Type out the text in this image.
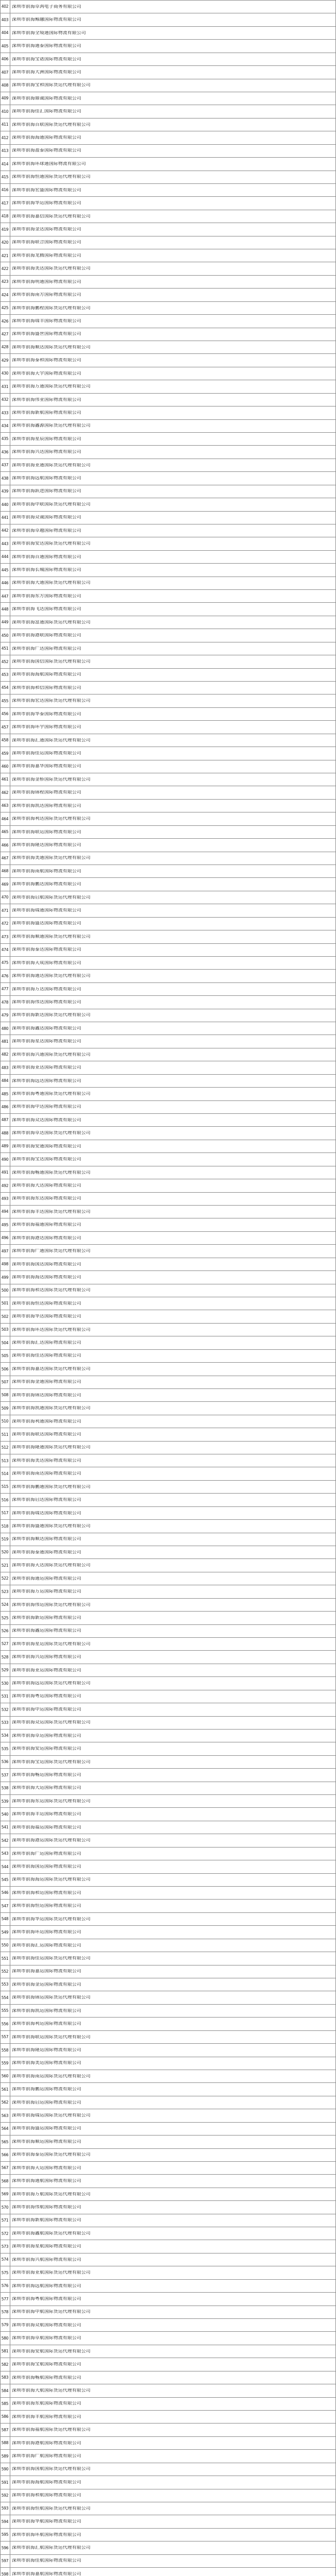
402 深圳市前海卓鸿电子商务有限公司
403 深圳市前海鲸融国际物流有限公司
404 深圳市前海全境通国际物流有限公司
405 深圳市前海通泰国际物流有限公司
406 深圳市前海宝诺国际物流有限公司
407 深圳市前海大洲国际物流有限公司
408 深圳市前海宝和国际货运代理有限公司
409 深圳市前海鼎诚国际物流有限公司
410 深圳市前海佳汇国际物流有限公司
411 深圳市前海百联国际货运代理有限公司
412 深圳市前海海通国际物流有限公司
413 深圳市前海盈泰国际物流有限公司
414 深圳市前海环球通国际物流有限公司
415 深圳市前海恒通国际货运代理有限公司
416 深圳市前海宏盛国际物流有限公司
417 深圳市前海华运国际物流有限公司
418 深圳市前海嘉信国际货运代理有限公司
419 深圳市前海金达国际物流有限公司
420 深圳市前海联合国际物流有限公司
421 深圳市前海龙腾国际物流有限公司
422 深圳市前海美达国际货运代理有限公司
423 深圳市前海明通国际物流有限公司
424 深圳市前海南方国际物流有限公司
425 深圳市前海鹏程国际货运代理有限公司
426 深圳市前海瑞丰国际物流有限公司
427 深圳市前海盛世国际物流有限公司
428 深圳市前海顺达国际货运代理有限公司
429 深圳市前海泰和国际物流有限公司
430 深圳市前海天宇国际物流有限公司
431 深圳市前海万通国际货运代理有限公司
432 深圳市前海伟业国际物流有限公司
433 深圳市前海新航国际物流有限公司
434 深圳市前海鑫源国际货运代理有限公司
435 深圳市前海星辰国际物流有限公司
436 深圳市前海兴达国际物流有限公司
437 深圳市前海亚通国际货运代理有限公司
438 深圳市前海远航国际物流有限公司
439 深圳市前海跃进国际物流有限公司
440 深圳市前海中联国际货运代理有限公司
441 深圳市前海众诚国际物流有限公司
442 深圳市前海卓越国际物流有限公司
443 深圳市前海安达国际货运代理有限公司
444 深圳市前海百通国际物流有限公司
445 深圳市前海长城国际物流有限公司
446 深圳市前海大通国际货运代理有限公司
447 深圳市前海东方国际物流有限公司
448 深圳市前海飞达国际物流有限公司
449 深圳市前海富通国际货运代理有限公司
450 深圳市前海港联国际物流有限公司
451 深圳市前海广达国际物流有限公司
452 深圳市前海国信国际货运代理有限公司
453 深圳市前海海航国际物流有限公司
454 深圳市前海和信国际物流有限公司
455 深圳市前海宏达国际货运代理有限公司
456 深圳市前海华泰国际物流有限公司
457 深圳市前海环宇国际物流有限公司
458 深圳市前海汇通国际货运代理有限公司
459 深圳市前海佳运国际物流有限公司
460 深圳市前海嘉华国际物流有限公司
461 深圳市前海金桥国际货运代理有限公司
462 深圳市前海锦程国际物流有限公司
463 深圳市前海凯达国际物流有限公司
464 深圳市前海利达国际货运代理有限公司
465 深圳市前海联运国际物流有限公司
466 深圳市前海隆达国际物流有限公司
467 深圳市前海美通国际货运代理有限公司
468 深圳市前海南航国际物流有限公司
469 深圳市前海鹏达国际物流有限公司
470 深圳市前海启航国际货运代理有限公司
471 深圳市前海瑞通国际物流有限公司
472 深圳市前海盛达国际物流有限公司
473 深圳市前海顺通国际货运代理有限公司
474 深圳市前海泰达国际物流有限公司
475 深圳市前海天成国际物流有限公司
476 深圳市前海通达国际货运代理有限公司
477 深圳市前海万达国际物流有限公司
478 深圳市前海伟达国际物流有限公司
479 深圳市前海新达国际货运代理有限公司
480 深圳市前海鑫达国际物流有限公司
481 深圳市前海星达国际物流有限公司
482 深圳市前海兴通国际货运代理有限公司
483 深圳市前海亚达国际物流有限公司
484 深圳市前海远达国际物流有限公司
485 深圳市前海粤通国际货运代理有限公司
486 深圳市前海中达国际物流有限公司
487 深圳市前海众达国际物流有限公司
488 深圳市前海卓达国际货运代理有限公司
489 深圳市前海安通国际物流有限公司
490 深圳市前海宝达国际物流有限公司
491 深圳市前海畅通国际货运代理有限公司
492 深圳市前海大达国际物流有限公司
493 深圳市前海东达国际物流有限公司
494 深圳市前海丰达国际货运代理有限公司
495 深圳市前海福通国际物流有限公司
496 深圳市前海港达国际物流有限公司
497 深圳市前海广通国际货运代理有限公司
498 深圳市前海国达国际物流有限公司
499 深圳市前海海达国际物流有限公司
500 深圳市前海和达国际货运代理有限公司
501 深圳市前海恒达国际物流有限公司
502 深圳市前海华达国际物流有限公司
503 深圳市前海环达国际货运代理有限公司
504 深圳市前海汇达国际物流有限公司
505 深圳市前海佳达国际物流有限公司
506 深圳市前海嘉达国际货运代理有限公司
507 深圳市前海金通国际物流有限公司
508 深圳市前海锦达国际物流有限公司
509 深圳市前海凯通国际货运代理有限公司
510 深圳市前海利通国际物流有限公司
511 深圳市前海联达国际物流有限公司
512 深圳市前海隆通国际货运代理有限公司
513 深圳市前海美达国际物流有限公司
514 深圳市前海南达国际物流有限公司
515 深圳市前海鹏通国际货运代理有限公司
516 深圳市前海启达国际物流有限公司
517 深圳市前海瑞达国际物流有限公司
518 深圳市前海盛通国际货运代理有限公司
519 深圳市前海顺达国际物流有限公司
520 深圳市前海泰通国际物流有限公司
521 深圳市前海天达国际货运代理有限公司
522 深圳市前海通运国际物流有限公司
523 深圳市前海万运国际物流有限公司
524 深圳市前海伟运国际货运代理有限公司
525 深圳市前海新运国际物流有限公司
526 深圳市前海鑫运国际物流有限公司
527 深圳市前海星运国际货运代理有限公司
528 深圳市前海兴运国际物流有限公司
529 深圳市前海亚运国际物流有限公司
530 深圳市前海远运国际货运代理有限公司
531 深圳市前海粤运国际物流有限公司
532 深圳市前海中运国际物流有限公司
533 深圳市前海众运国际货运代理有限公司
534 深圳市前海卓运国际物流有限公司
535 深圳市前海安运国际物流有限公司
536 深圳市前海宝运国际货运代理有限公司
537 深圳市前海畅运国际物流有限公司
538 深圳市前海大运国际物流有限公司
539 深圳市前海东运国际货运代理有限公司
540 深圳市前海丰运国际物流有限公司
541 深圳市前海福运国际物流有限公司
542 深圳市前海港运国际货运代理有限公司
543 深圳市前海广运国际物流有限公司
544 深圳市前海国运国际物流有限公司
545 深圳市前海海运国际货运代理有限公司
546 深圳市前海和运国际物流有限公司
547 深圳市前海恒运国际物流有限公司
548 深圳市前海华运国际货运代理有限公司
549 深圳市前海环运国际物流有限公司
550 深圳市前海汇运国际物流有限公司
551 深圳市前海佳运国际货运代理有限公司
552 深圳市前海嘉运国际物流有限公司
553 深圳市前海金运国际物流有限公司
554 深圳市前海锦运国际货运代理有限公司
555 深圳市前海凯运国际物流有限公司
556 深圳市前海利运国际物流有限公司
557 深圳市前海联运国际货运代理有限公司
558 深圳市前海隆运国际物流有限公司
559 深圳市前海美运国际物流有限公司
560 深圳市前海南运国际货运代理有限公司
561 深圳市前海鹏运国际物流有限公司
562 深圳市前海启运国际物流有限公司
563 深圳市前海瑞运国际货运代理有限公司
564 深圳市前海盛运国际物流有限公司
565 深圳市前海顺运国际物流有限公司
566 深圳市前海泰运国际货运代理有限公司
567 深圳市前海天运国际物流有限公司
568 深圳市前海通航国际物流有限公司
569 深圳市前海万航国际货运代理有限公司
570 深圳市前海伟航国际物流有限公司
571 深圳市前海新航国际物流有限公司
572 深圳市前海鑫航国际货运代理有限公司
573 深圳市前海星航国际物流有限公司
574 深圳市前海兴航国际物流有限公司
575 深圳市前海亚航国际货运代理有限公司
576 深圳市前海远航国际物流有限公司
577 深圳市前海粤航国际物流有限公司
578 深圳市前海中航国际货运代理有限公司
579 深圳市前海众航国际物流有限公司
580 深圳市前海卓航国际物流有限公司
581 深圳市前海安航国际货运代理有限公司
582 深圳市前海宝航国际物流有限公司
583 深圳市前海畅航国际物流有限公司
584 深圳市前海大航国际货运代理有限公司
585 深圳市前海东航国际物流有限公司
586 深圳市前海丰航国际物流有限公司
587 深圳市前海福航国际货运代理有限公司
588 深圳市前海港航国际物流有限公司
589 深圳市前海广航国际物流有限公司
590 深圳市前海国航国际货运代理有限公司
591 深圳市前海海航国际物流有限公司
592 深圳市前海和航国际物流有限公司
593 深圳市前海恒航国际货运代理有限公司
594 深圳市前海华航国际物流有限公司
595 深圳市前海环航国际物流有限公司
596 深圳市前海汇航国际货运代理有限公司
597 深圳市前海佳航国际物流有限公司
598 深圳市前海嘉航国际物流有限公司
